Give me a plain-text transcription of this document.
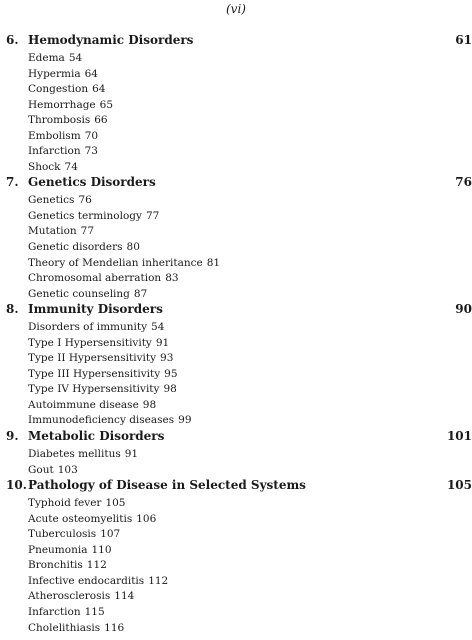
(vi)
6. Hemodynamic Disorders	61
Edema 54
Hypermia 64
Congestion 64
Hemorrhage 65
Thrombosis 66
Embolism 70
Infarction 73
Shock 74
7. Genetics Disorders	76
Genetics 76
Genetics terminology 77
Mutation 77
Genetic disorders 80
Theory of Mendelian inheritance 81
Chromosomal aberration 83
Genetic counseling 87
8. Immunity Disorders	90
Disorders of immunity 54
Type I Hypersensitivity 91
Type II Hypersensitivity 93
Type III Hypersensitivity 95
Type IV Hypersensitivity 98
Autoimmune disease 98
Immunodeficiency diseases 99
9. Metabolic Disorders	101
Diabetes mellitus 91
Gout 103
10. Pathology of Disease in Selected Systems	105
Typhoid fever 105
Acute osteomyelitis 106
Tuberculosis 107
Pneumonia 110
Bronchitis 112
Infective endocarditis 112
Atherosclerosis 114
Infarction 115
Cholelithiasis 116
